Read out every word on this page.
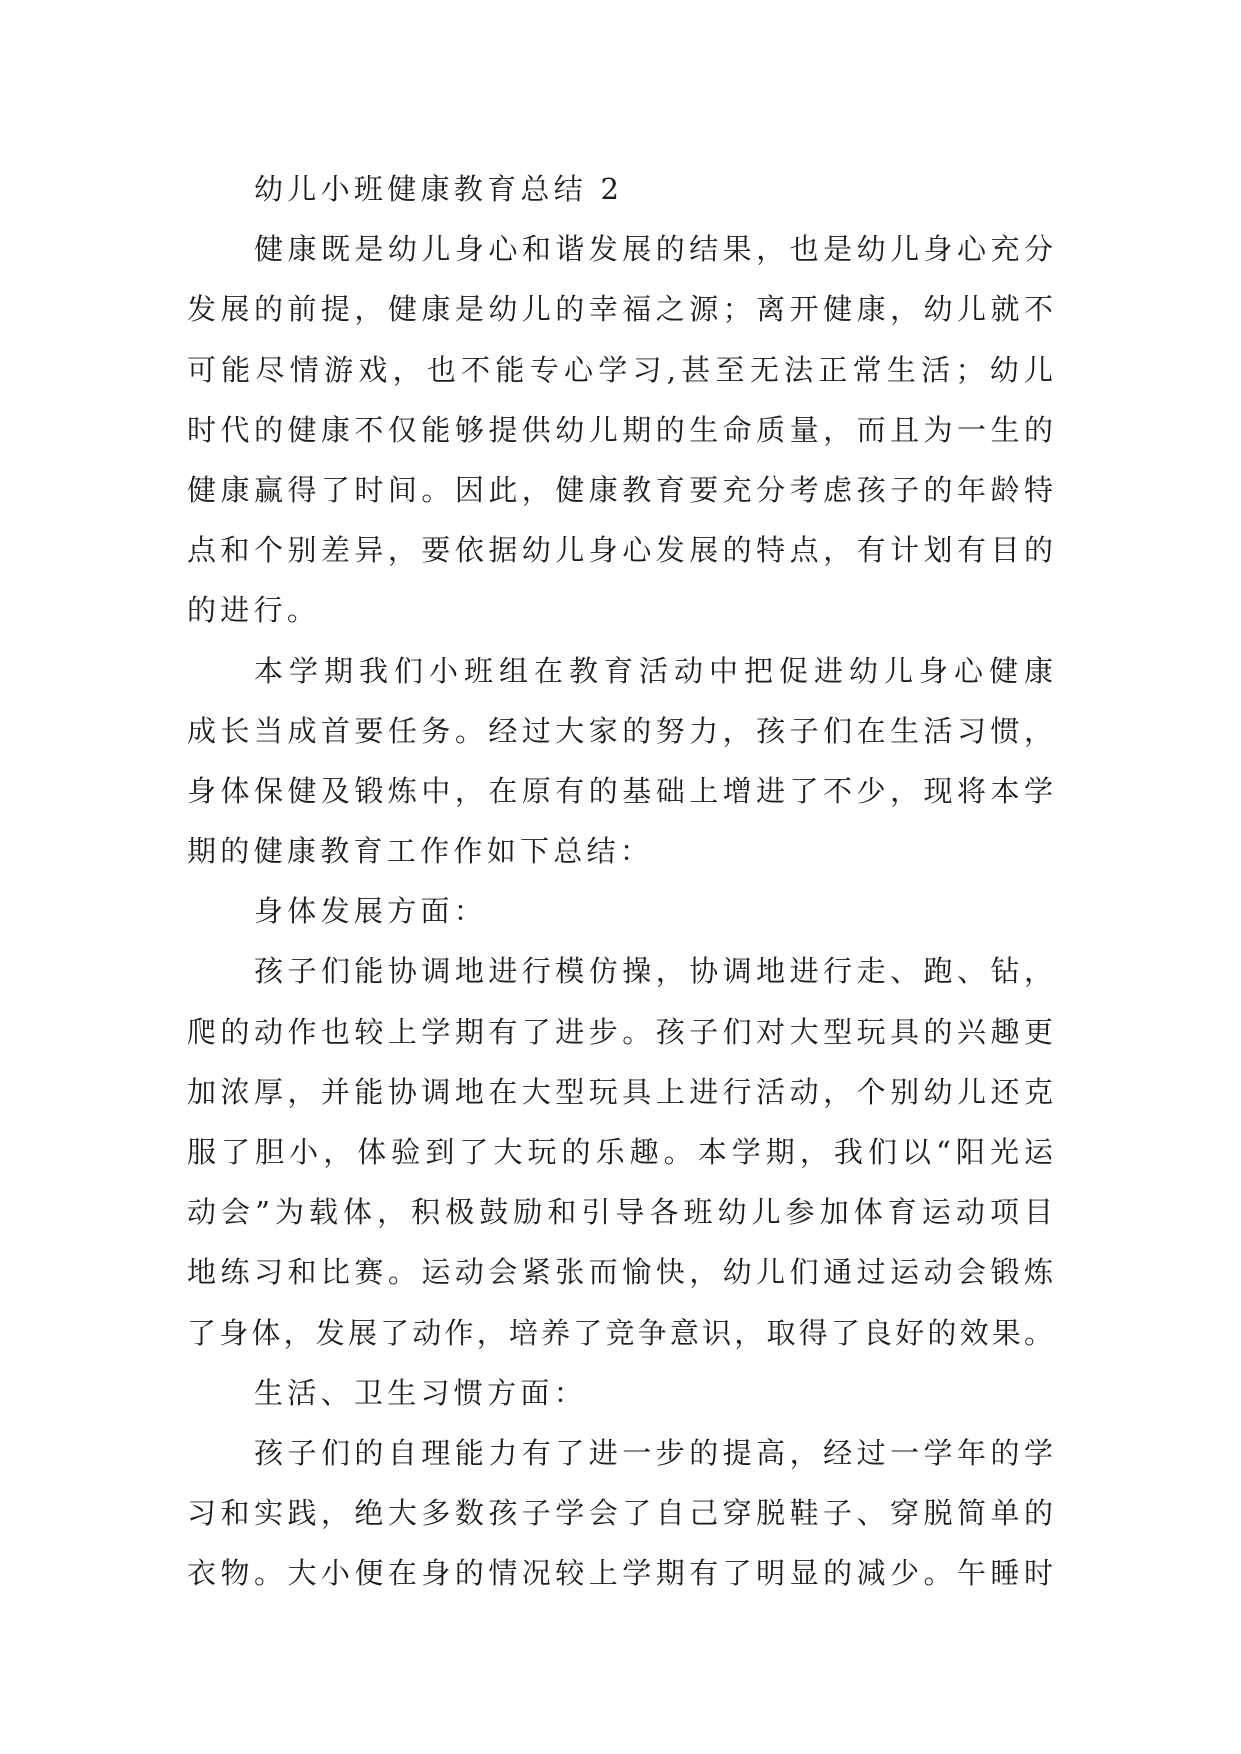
幼儿小班健康教育总结 2
健康既是幼儿身心和谐发展的结果，也是幼儿身心充分
发展的前提，健康是幼儿的幸福之源；离开健康，幼儿就不
可能尽情游戏，也不能专心学习,甚至无法正常生活；幼儿
时代的健康不仅能够提供幼儿期的生命质量，而且为一生的
健康赢得了时间。因此，健康教育要充分考虑孩子的年龄特
点和个别差异，要依据幼儿身心发展的特点，有计划有目的
的进行。
本学期我们小班组在教育活动中把促进幼儿身心健康
成长当成首要任务。经过大家的努力，孩子们在生活习惯，
身体保健及锻炼中，在原有的基础上增进了不少，现将本学
期的健康教育工作作如下总结：
身体发展方面：
孩子们能协调地进行模仿操，协调地进行走、跑、钻，
爬的动作也较上学期有了进步。孩子们对大型玩具的兴趣更
加浓厚，并能协调地在大型玩具上进行活动，个别幼儿还克
服了胆小，体验到了大玩的乐趣。本学期，我们以“阳光运
动会”为载体，积极鼓励和引导各班幼儿参加体育运动项目
地练习和比赛。运动会紧张而愉快，幼儿们通过运动会锻炼
了身体，发展了动作，培养了竞争意识，取得了良好的效果。
生活、卫生习惯方面：
孩子们的自理能力有了进一步的提高，经过一学年的学
习和实践，绝大多数孩子学会了自己穿脱鞋子、穿脱简单的
衣物。大小便在身的情况较上学期有了明显的减少。午睡时
